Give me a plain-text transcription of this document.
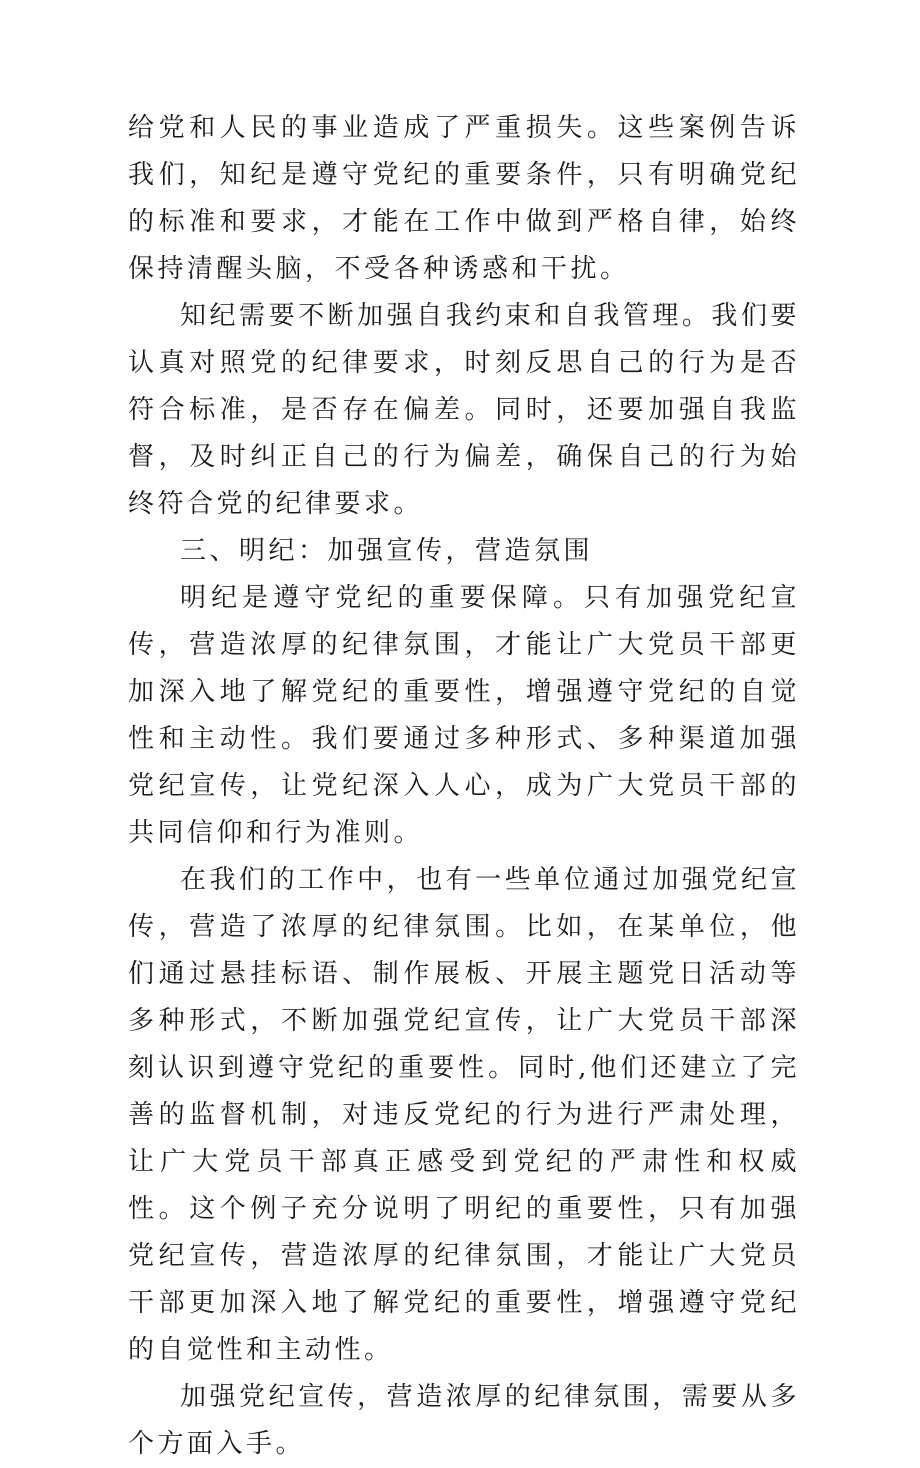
给党和人民的事业造成了严重损失。这些案例告诉我们，知纪是遵守党纪的重要条件，只有明确党纪的标准和要求，才能在工作中做到严格自律，始终保持清醒头脑，不受各种诱惑和干扰。

知纪需要不断加强自我约束和自我管理。我们要认真对照党的纪律要求，时刻反思自己的行为是否符合标准，是否存在偏差。同时，还要加强自我监督，及时纠正自己的行为偏差，确保自己的行为始终符合党的纪律要求。

三、明纪：加强宣传，营造氛围

明纪是遵守党纪的重要保障。只有加强党纪宣传，营造浓厚的纪律氛围，才能让广大党员干部更加深入地了解党纪的重要性，增强遵守党纪的自觉性和主动性。我们要通过多种形式、多种渠道加强党纪宣传，让党纪深入人心，成为广大党员干部的共同信仰和行为准则。

在我们的工作中，也有一些单位通过加强党纪宣传，营造了浓厚的纪律氛围。比如，在某单位，他们通过悬挂标语、制作展板、开展主题党日活动等多种形式，不断加强党纪宣传，让广大党员干部深刻认识到遵守党纪的重要性。同时,他们还建立了完善的监督机制，对违反党纪的行为进行严肃处理，让广大党员干部真正感受到党纪的严肃性和权威性。这个例子充分说明了明纪的重要性，只有加强党纪宣传，营造浓厚的纪律氛围，才能让广大党员干部更加深入地了解党纪的重要性，增强遵守党纪的自觉性和主动性。

加强党纪宣传，营造浓厚的纪律氛围，需要从多个方面入手。
